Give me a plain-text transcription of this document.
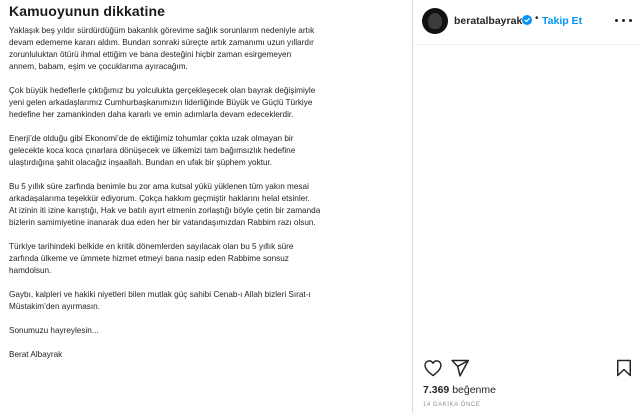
Kamuoyunun dikkatine

Yaklaşık beş yıldır sürdürdüğüm bakanlık görevime sağlık sorunlarım nedeniyle artık
devam edememe kararı aldım. Bundan sonraki süreçte artık zamanımı uzun yıllardır
zorunluluktan ötürü ihmal ettiğim ve bana desteğini hiçbir zaman esirgemeyen
annem, babam, eşim ve çocuklarıma ayıracağım.

Çok büyük hedeflerle çıktığımız bu yolculukta gerçekleşecek olan bayrak değişimiyle
yeni gelen arkadaşlarımız Cumhurbaşkanımızın liderliğinde Büyük ve Güçlü Türkiye
hedefine her zamankinden daha kararlı ve emin adımlarla devam edeceklerdir.

Enerji’de olduğu gibi Ekonomi’de de ektiğimiz tohumlar çokta uzak olmayan bir
gelecekte koca koca çınarlara dönüşecek ve ülkemizi tam bağımsızlık hedefine
ulaştırdığına şahit olacağız inşaallah. Bundan en ufak bir şüphem yoktur.

Bu 5 yıllık süre zarfında benimle bu zor ama kutsal yükü yüklenen tüm yakın mesai
arkadaşalarıma teşekkür ediyorum. Çokça hakkım geçmiştir haklarını helal etsinler.
At izinin iti izine karıştığı, Hak ve batılı ayırt etmenin zorlaştığı böyle çetin bir zamanda
bizlerin samimiyetine inanarak dua eden her bir vatandaşımızdan Rabbim razı olsun.

Türkiye tarihindeki belkide en kritik dönemlerden sayılacak olan bu 5 yıllık süre
zarfında ülkeme ve ümmete hizmet etmeyi bana nasip eden Rabbime sonsuz
hamdolsun.

Gaybı, kalpleri ve hakiki niyetleri bilen mutlak güç sahibi Cenab-ı Allah bizleri Sırat-ı
Müstakim’den ayırmasın.

Sonumuzu hayreylesin...

Berat Albayrak

beratalbayrak • Takip Et
7.369 beğenme
14 DAKİKA ÖNCE
